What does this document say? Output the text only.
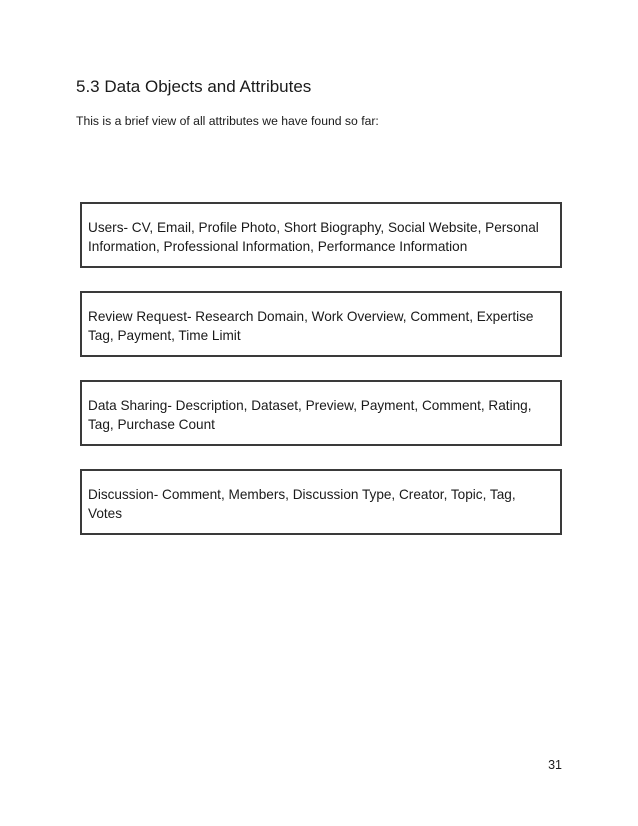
5.3 Data Objects and Attributes
This is a brief view of all attributes we have found so far:
Users- CV, Email, Profile Photo, Short Biography, Social Website, Personal Information, Professional Information, Performance Information
Review Request- Research Domain, Work Overview, Comment, Expertise Tag, Payment, Time Limit
Data Sharing- Description, Dataset, Preview, Payment, Comment, Rating, Tag, Purchase Count
Discussion- Comment, Members, Discussion Type, Creator, Topic, Tag, Votes
31
